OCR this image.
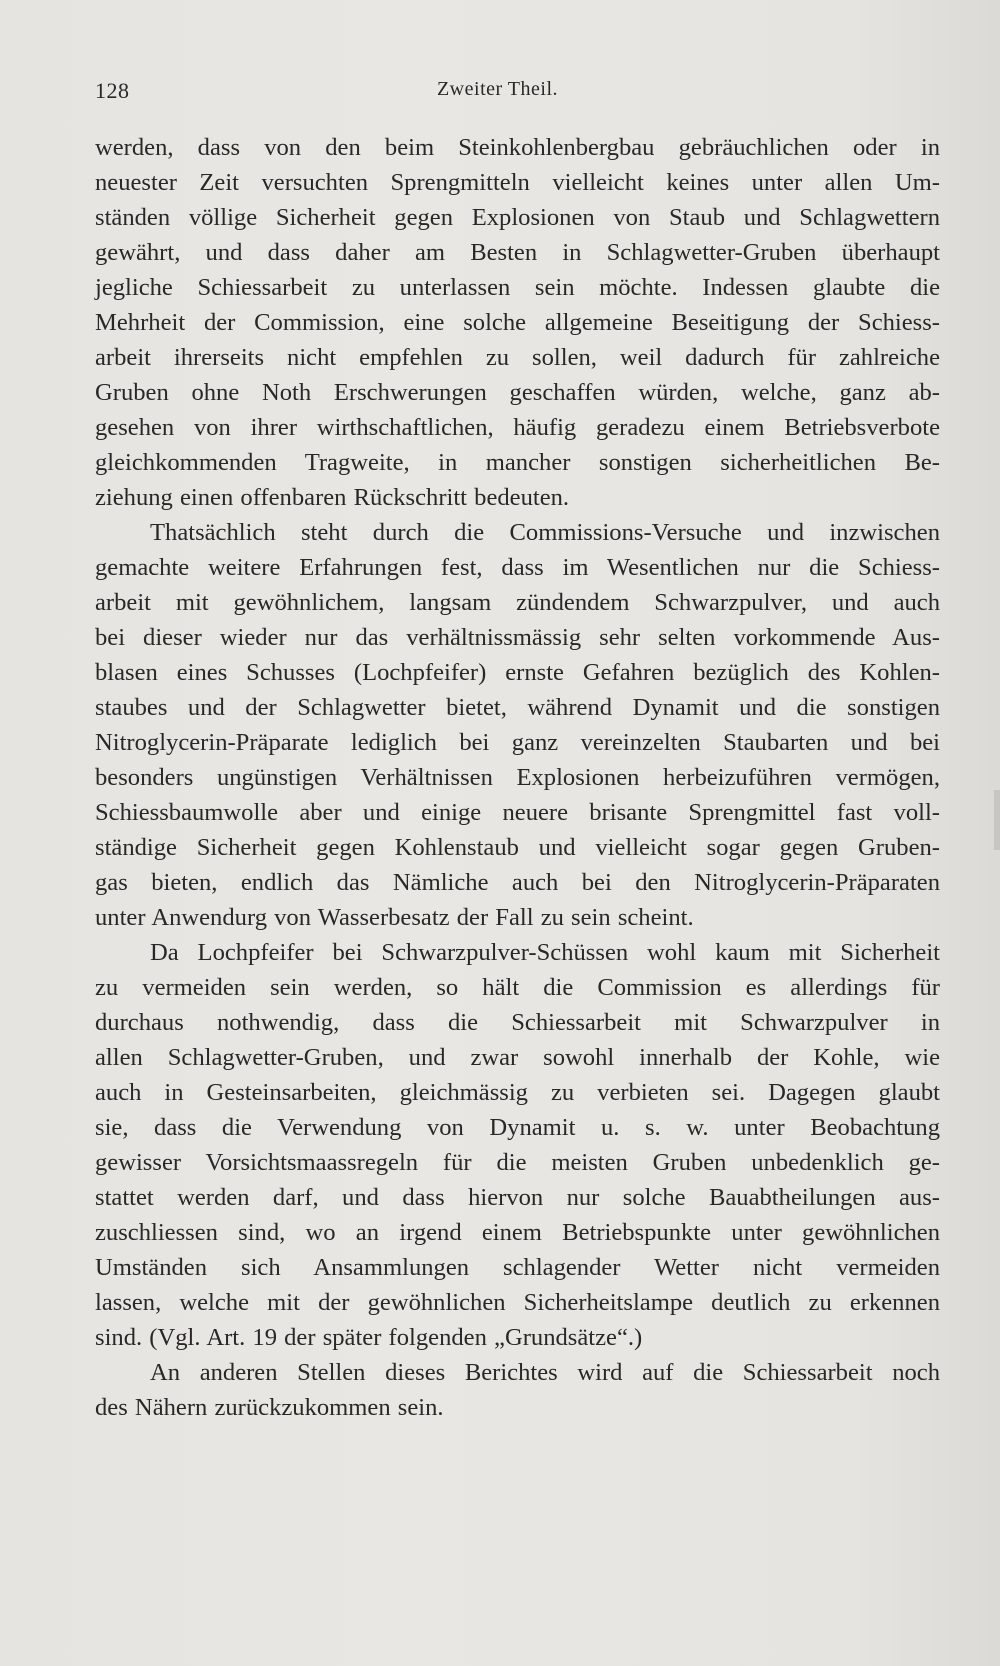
128	Zweiter Theil.
werden, dass von den beim Steinkohlenbergbau gebräuchlichen oder in
neuester Zeit versuchten Sprengmitteln vielleicht keines unter allen Um-
ständen völlige Sicherheit gegen Explosionen von Staub und Schlagwettern
gewährt, und dass daher am Besten in Schlagwetter-Gruben überhaupt
jegliche Schiessarbeit zu unterlassen sein möchte. Indessen glaubte die
Mehrheit der Commission, eine solche allgemeine Beseitigung der Schiess-
arbeit ihrerseits nicht empfehlen zu sollen, weil dadurch für zahlreiche
Gruben ohne Noth Erschwerungen geschaffen würden, welche, ganz ab-
gesehen von ihrer wirthschaftlichen, häufig geradezu einem Betriebsverbote
gleichkommenden Tragweite, in mancher sonstigen sicherheitlichen Be-
ziehung einen offenbaren Rückschritt bedeuten.
Thatsächlich steht durch die Commissions-Versuche und inzwischen
gemachte weitere Erfahrungen fest, dass im Wesentlichen nur die Schiess-
arbeit mit gewöhnlichem, langsam zündendem Schwarzpulver, und auch
bei dieser wieder nur das verhältnissmässig sehr selten vorkommende Aus-
blasen eines Schusses (Lochpfeifer) ernste Gefahren bezüglich des Kohlen-
staubes und der Schlagwetter bietet, während Dynamit und die sonstigen
Nitroglycerin-Präparate lediglich bei ganz vereinzelten Staubarten und bei
besonders ungünstigen Verhältnissen Explosionen herbeizuführen vermögen,
Schiessbaumwolle aber und einige neuere brisante Sprengmittel fast voll-
ständige Sicherheit gegen Kohlenstaub und vielleicht sogar gegen Gruben-
gas bieten, endlich das Nämliche auch bei den Nitroglycerin-Präparaten
unter Anwendurg von Wasserbesatz der Fall zu sein scheint.
Da Lochpfeifer bei Schwarzpulver-Schüssen wohl kaum mit Sicherheit
zu vermeiden sein werden, so hält die Commission es allerdings für
durchaus nothwendig, dass die Schiessarbeit mit Schwarzpulver in
allen Schlagwetter-Gruben, und zwar sowohl innerhalb der Kohle, wie
auch in Gesteinsarbeiten, gleichmässig zu verbieten sei. Dagegen glaubt
sie, dass die Verwendung von Dynamit u. s. w. unter Beobachtung
gewisser Vorsichtsmaassregeln für die meisten Gruben unbedenklich ge-
stattet werden darf, und dass hiervon nur solche Bauabtheilungen aus-
zuschliessen sind, wo an irgend einem Betriebspunkte unter gewöhnlichen
Umständen sich Ansammlungen schlagender Wetter nicht vermeiden
lassen, welche mit der gewöhnlichen Sicherheitslampe deutlich zu erkennen
sind. (Vgl. Art. 19 der später folgenden „Grundsätze“.)
An anderen Stellen dieses Berichtes wird auf die Schiessarbeit noch
des Nähern zurückzukommen sein.
